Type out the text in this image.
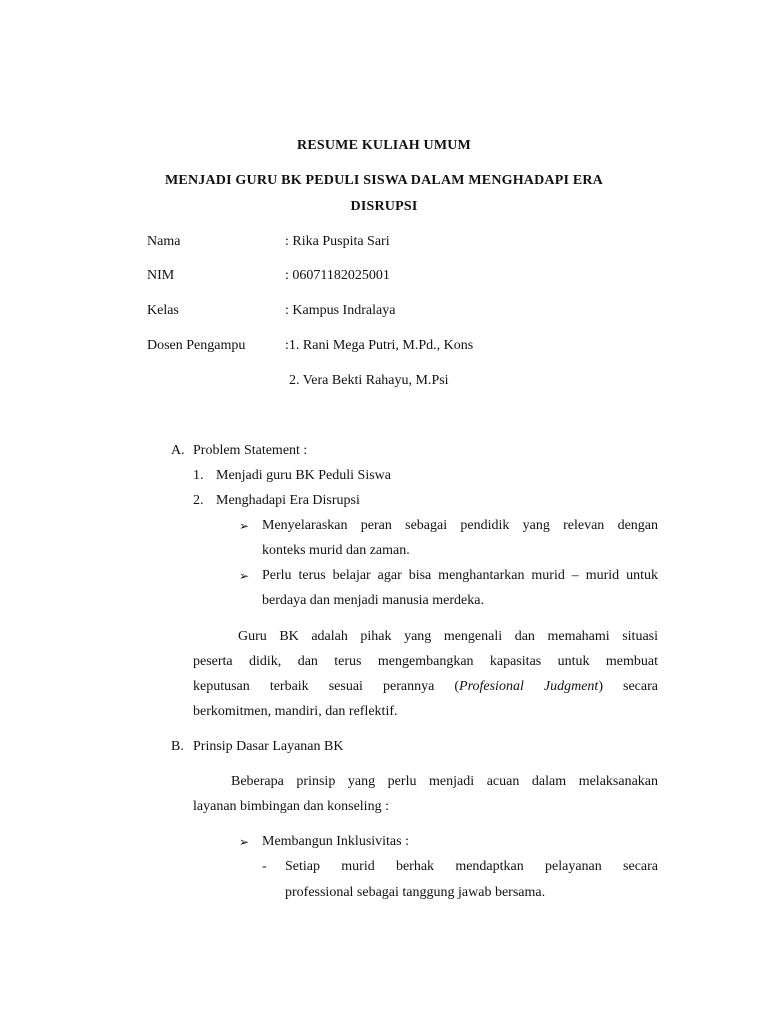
RESUME KULIAH UMUM
MENJADI GURU BK PEDULI SISWA DALAM MENGHADAPI ERA
DISRUPSI
Nama	: Rika Puspita Sari
NIM	: 06071182025001
Kelas	: Kampus Indralaya
Dosen Pengampu	:1. Rani Mega Putri, M.Pd., Kons
2. Vera Bekti Rahayu, M.Psi
A. Problem Statement :
1. Menjadi guru BK Peduli Siswa
2. Menghadapi Era Disrupsi
➢ Menyelaraskan peran sebagai pendidik yang relevan dengan
konteks murid dan zaman.
➢ Perlu terus belajar agar bisa menghantarkan murid – murid untuk
berdaya dan menjadi manusia merdeka.
Guru BK adalah pihak yang mengenali dan memahami situasi
peserta didik, dan terus mengembangkan kapasitas untuk membuat
keputusan terbaik sesuai perannya (Profesional Judgment) secara
berkomitmen, mandiri, dan reflektif.
B. Prinsip Dasar Layanan BK
Beberapa prinsip yang perlu menjadi acuan dalam melaksanakan
layanan bimbingan dan konseling :
➢ Membangun Inklusivitas :
- Setiap murid berhak mendaptkan pelayanan secara
professional sebagai tanggung jawab bersama.
